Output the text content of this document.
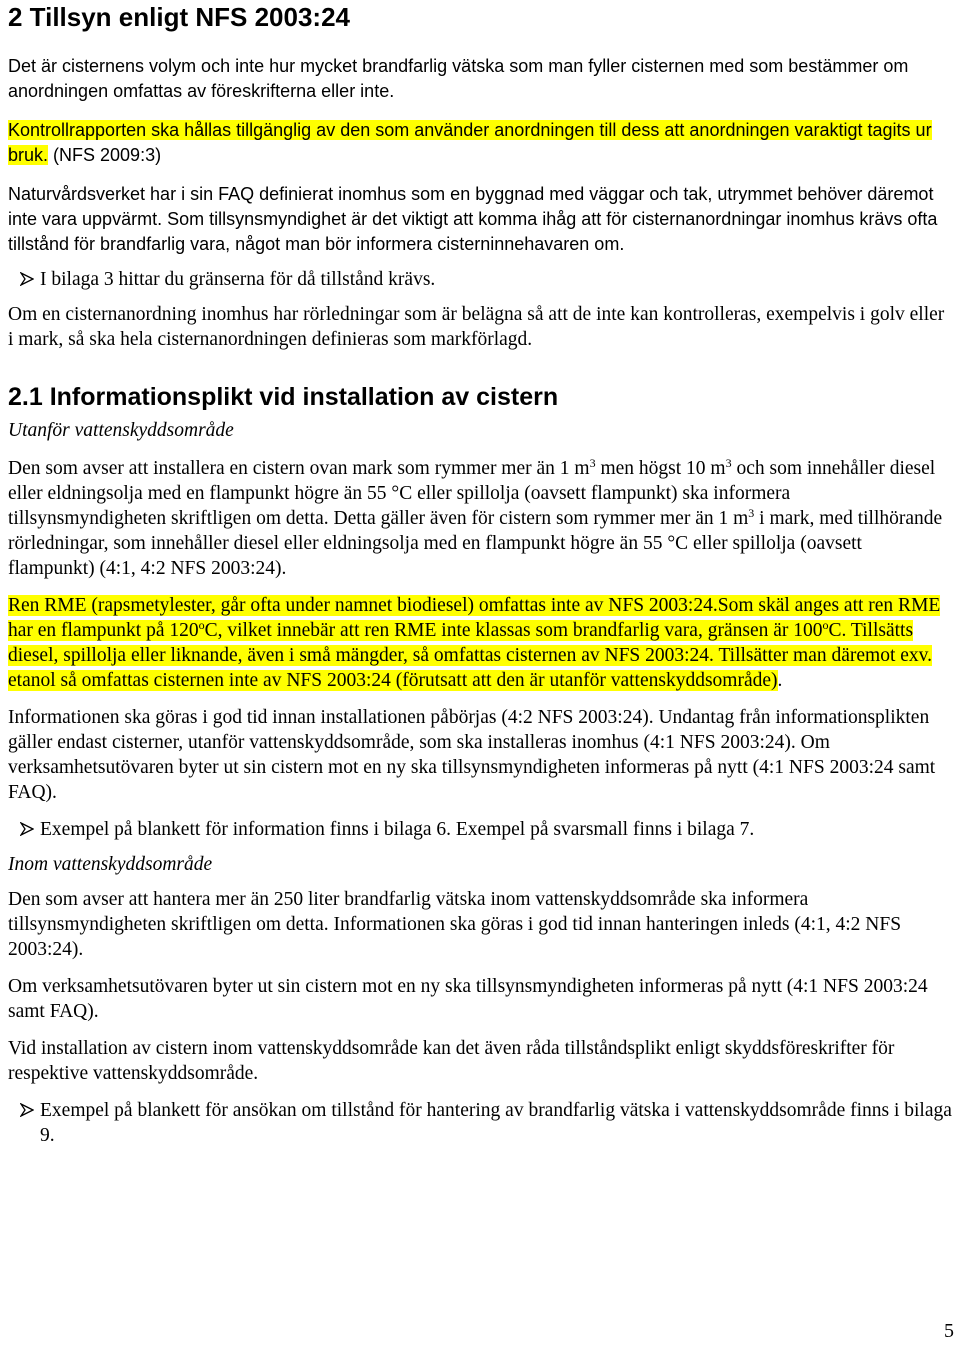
2 Tillsyn enligt NFS 2003:24

Det är cisternens volym och inte hur mycket brandfarlig vätska som man fyller cisternen med som bestämmer om anordningen omfattas av föreskrifterna eller inte.

Kontrollrapporten ska hållas tillgänglig av den som använder anordningen till dess att anordningen varaktigt tagits ur bruk. (NFS 2009:3)

Naturvårdsverket har i sin FAQ definierat inomhus som en byggnad med väggar och tak, utrymmet behöver däremot inte vara uppvärmt. Som tillsynsmyndighet är det viktigt att komma ihåg att för cisternanordningar inomhus krävs ofta tillstånd för brandfarlig vara, något man bör informera cisterninnehavaren om.

I bilaga 3 hittar du gränserna för då tillstånd krävs.

Om en cisternanordning inomhus har rörledningar som är belägna så att de inte kan kontrolleras, exempelvis i golv eller i mark, så ska hela cisternanordningen definieras som markförlagd.

2.1 Informationsplikt vid installation av cistern

Utanför vattenskyddsområde

Den som avser att installera en cistern ovan mark som rymmer mer än 1 $m^3$ men högst 10 $m^3$ och som innehåller diesel eller eldningsolja med en flampunkt högre än 55 °C eller spillolja (oavsett flampunkt) ska informera tillsynsmyndigheten skriftligen om detta. Detta gäller även för cistern som rymmer mer än 1 $m^3$ i mark, med tillhörande rörledningar, som innehåller diesel eller eldningsolja med en flampunkt högre än 55 °C eller spillolja (oavsett flampunkt) (4:1, 4:2 NFS 2003:24).

Ren RME (rapsmetylester, går ofta under namnet biodiesel) omfattas inte av NFS 2003:24.Som skäl anges att ren RME har en flampunkt på 120$^o$C, vilket innebär att ren RME inte klassas som brandfarlig vara, gränsen är 100$^o$C. Tillsätts diesel, spillolja eller liknande, även i små mängder, så omfattas cisternen av NFS 2003:24. Tillsätter man däremot exv. etanol så omfattas cisternen inte av NFS 2003:24 (förutsatt att den är utanför vattenskyddsområde).

Informationen ska göras i god tid innan installationen påbörjas (4:2 NFS 2003:24). Undantag från informationsplikten gäller endast cisterner, utanför vattenskyddsområde, som ska installeras inomhus (4:1 NFS 2003:24). Om verksamhetsutövaren byter ut sin cistern mot en ny ska tillsynsmyndigheten informeras på nytt (4:1 NFS 2003:24 samt FAQ).

Exempel på blankett för information finns i bilaga 6. Exempel på svarsmall finns i bilaga 7.

Inom vattenskyddsområde

Den som avser att hantera mer än 250 liter brandfarlig vätska inom vattenskyddsområde ska informera tillsynsmyndigheten skriftligen om detta. Informationen ska göras i god tid innan hanteringen inleds (4:1, 4:2 NFS 2003:24).

Om verksamhetsutövaren byter ut sin cistern mot en ny ska tillsynsmyndigheten informeras på nytt (4:1 NFS 2003:24 samt FAQ).

Vid installation av cistern inom vattenskyddsområde kan det även råda tillståndsplikt enligt skyddsföreskrifter för respektive vattenskyddsområde.

Exempel på blankett för ansökan om tillstånd för hantering av brandfarlig vätska i vattenskyddsområde finns i bilaga 9.
5
